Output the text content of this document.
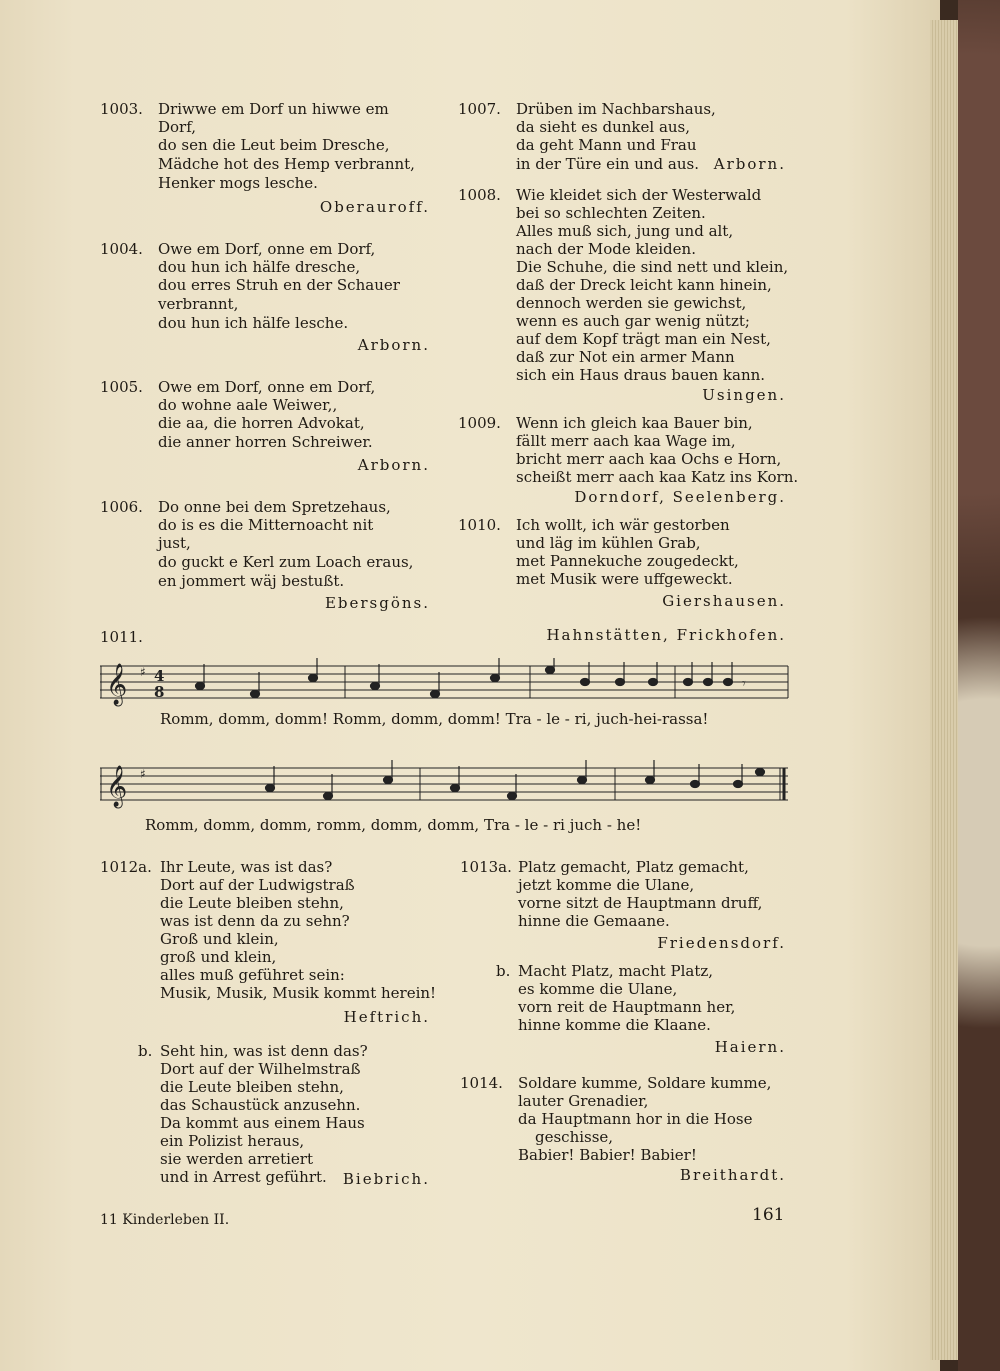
1003. Driwwe em Dorf un hiwwe em
Dorf,
do sen die Leut beim Dresche,
Mädche hot des Hemp verbrannt,
Henker mogs lesche.
Oberauroff.
1004. Owe em Dorf, onne em Dorf,
dou hun ich hälfe dresche,
dou erres Struh en der Schauer
verbrannt,
dou hun ich hälfe lesche.
Arborn.
1005. Owe em Dorf, onne em Dorf,
do wohne aale Weiwer,,
die aa, die horren Advokat,
die anner horren Schreiwer.
Arborn.
1006. Do onne bei dem Spretzehaus,
do is es die Mitternoacht nit
just,
do guckt e Kerl zum Loach eraus,
en jommert wäj bestußt.
Ebersgöns.
1007. Drüben im Nachbarshaus,
da sieht es dunkel aus,
da geht Mann und Frau
in der Türe ein und aus. Arborn.
1008. Wie kleidet sich der Westerwald
bei so schlechten Zeiten.
Alles muß sich, jung und alt,
nach der Mode kleiden.
Die Schuhe, die sind nett und klein,
daß der Dreck leicht kann hinein,
dennoch werden sie gewichst,
wenn es auch gar wenig nützt;
auf dem Kopf trägt man ein Nest,
daß zur Not ein armer Mann
sich ein Haus draus bauen kann.
Usingen.
1009. Wenn ich gleich kaa Bauer bin,
fällt merr aach kaa Wage im,
bricht merr aach kaa Ochs e Horn,
scheißt merr aach kaa Katz ins Korn.
Dorndorf, Seelenberg.
1010. Ich wollt, ich wär gestorben
und läg im kühlen Grab,
met Pannekuche zougedeckt,
met Musik were uffgeweckt.
Giershausen.
1011.	Hahnstätten, Frickhofen.
𝄞 ♯ 4
8	𝄾
Romm, domm, domm! Romm, domm, domm! Tra - le - ri, juch-hei-rassa!
𝄞 ♯
Romm, domm, domm, romm, domm, domm, Tra - le - ri juch - he!
1012a. Ihr Leute, was ist das?
Dort auf der Ludwigstraß
die Leute bleiben stehn,
was ist denn da zu sehn?
Groß und klein,
groß und klein,
alles muß geführet sein:
Musik, Musik, Musik kommt herein!
Heftrich.
b. Seht hin, was ist denn das?
Dort auf der Wilhelmstraß
die Leute bleiben stehn,
das Schaustück anzusehn.
Da kommt aus einem Haus
ein Polizist heraus,
sie werden arretiert
und in Arrest geführt. Biebrich.
1013a. Platz gemacht, Platz gemacht,
jetzt komme die Ulane,
vorne sitzt de Hauptmann druff,
hinne die Gemaane.
Friedensdorf.
b. Macht Platz, macht Platz,
es komme die Ulane,
vorn reit de Hauptmann her,
hinne komme die Klaane.
Haiern.
1014. Soldare kumme, Soldare kumme,
lauter Grenadier,
da Hauptmann hor in die Hose
geschisse,
Babier! Babier! Babier!
Breithardt.
11 Kinderleben II.	161
